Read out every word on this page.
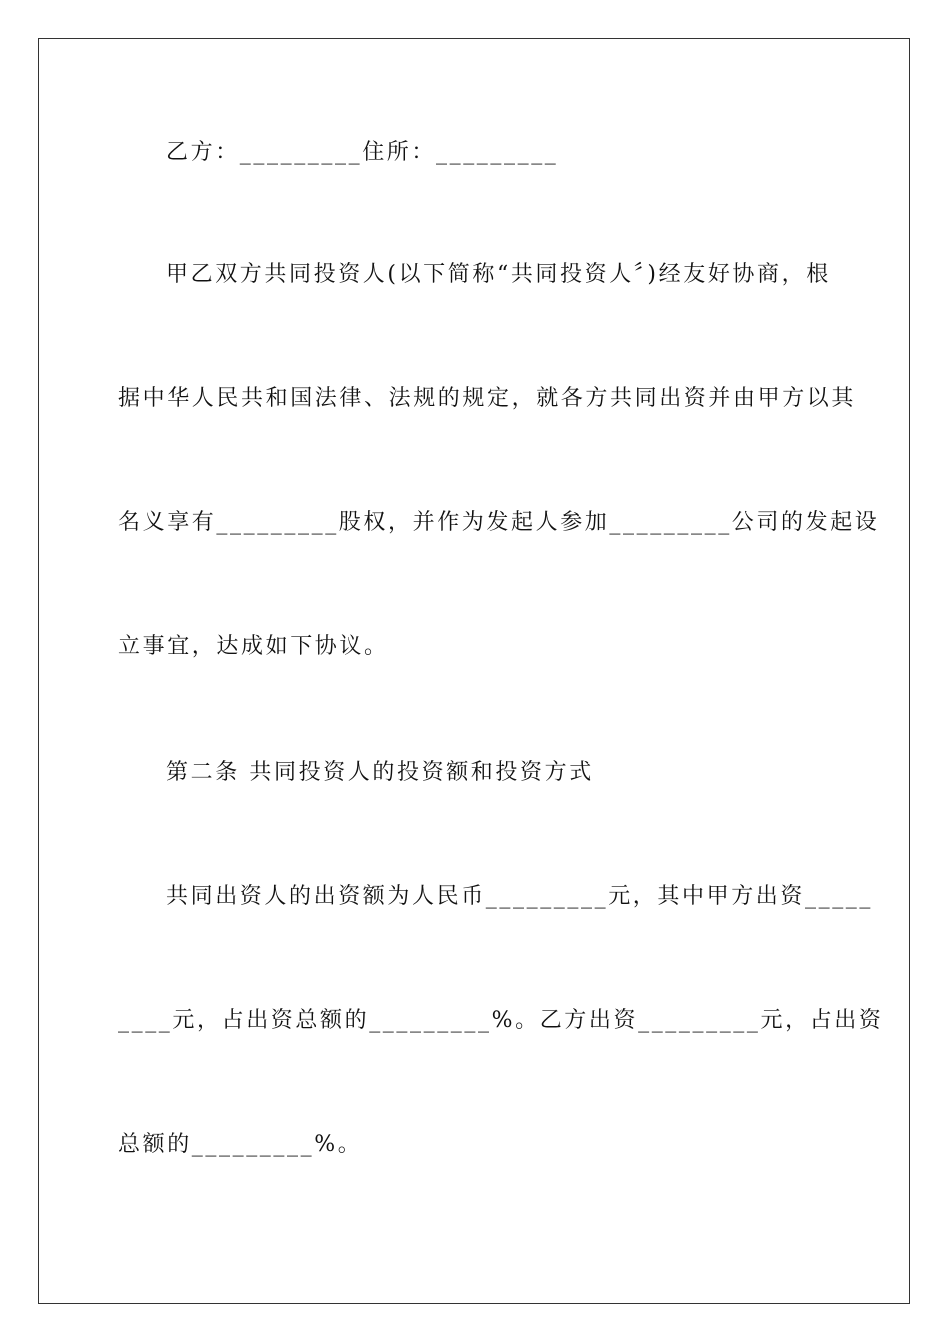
乙方：_________住所：_________
甲乙双方共同投资人(以下简称“共同投资人〞)经友好协商，根
据中华人民共和国法律、法规的规定，就各方共同出资并由甲方以其
名义享有_________股权，并作为发起人参加_________公司的发起设
立事宜，达成如下协议。
第二条 共同投资人的投资额和投资方式
共同出资人的出资额为人民币_________元，其中甲方出资_____
____元，占出资总额的_________%。乙方出资_________元，占出资
总额的_________%。
